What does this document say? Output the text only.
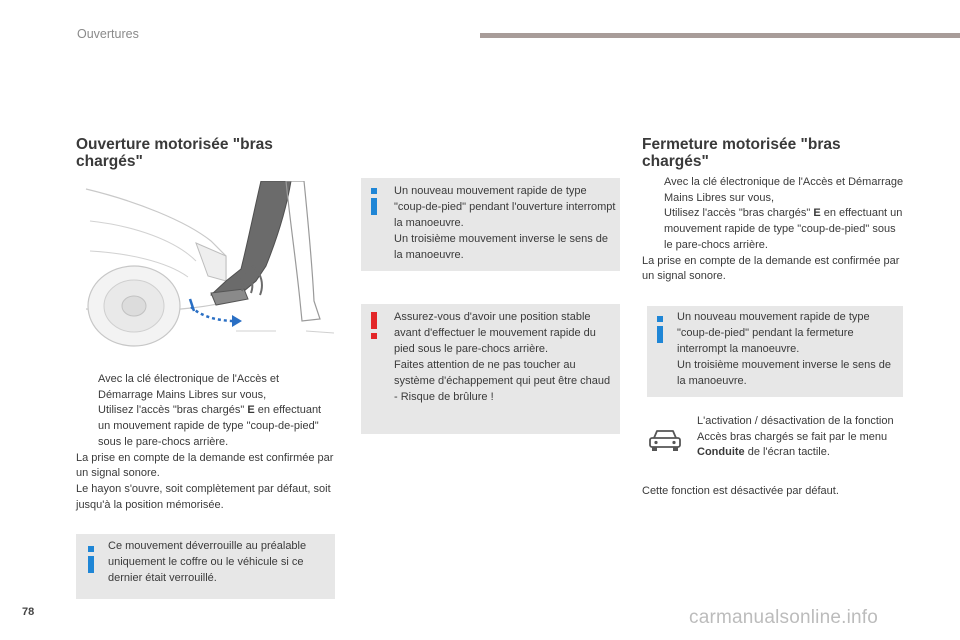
Ouvertures
Ouverture motorisée "bras chargés"
Avec la clé électronique de l'Accès et Démarrage Mains Libres sur vous,
Utilisez l'accès "bras chargés" E en effectuant un mouvement rapide de type "coup-de-pied" sous le pare-chocs arrière.

La prise en compte de la demande est confirmée par un signal sonore.

Le hayon s'ouvre, soit complètement par défaut, soit jusqu'à la position mémorisée.

Ce mouvement déverrouille au préalable uniquement le coffre ou le véhicule si ce dernier était verrouillé.

Un nouveau mouvement rapide de type "coup-de-pied" pendant l'ouverture interrompt la manoeuvre.

Un troisième mouvement inverse le sens de la manoeuvre.

Assurez-vous d'avoir une position stable avant d'effectuer le mouvement rapide du pied sous le pare-chocs arrière.

Faites attention de ne pas toucher au système d'échappement qui peut être chaud - Risque de brûlure !

Fermeture motorisée "bras chargés"
Avec la clé électronique de l'Accès et Démarrage Mains Libres sur vous,
Utilisez l'accès "bras chargés" E en effectuant un mouvement rapide de type "coup-de-pied" sous le pare-chocs arrière.

La prise en compte de la demande est confirmée par un signal sonore.

Un nouveau mouvement rapide de type "coup-de-pied" pendant la fermeture interrompt la manoeuvre.

Un troisième mouvement inverse le sens de la manoeuvre.

L'activation / désactivation de la fonction Accès bras chargés se fait par le menu Conduite de l'écran tactile.

Cette fonction est désactivée par défaut.

78	carmanualsonline.info
